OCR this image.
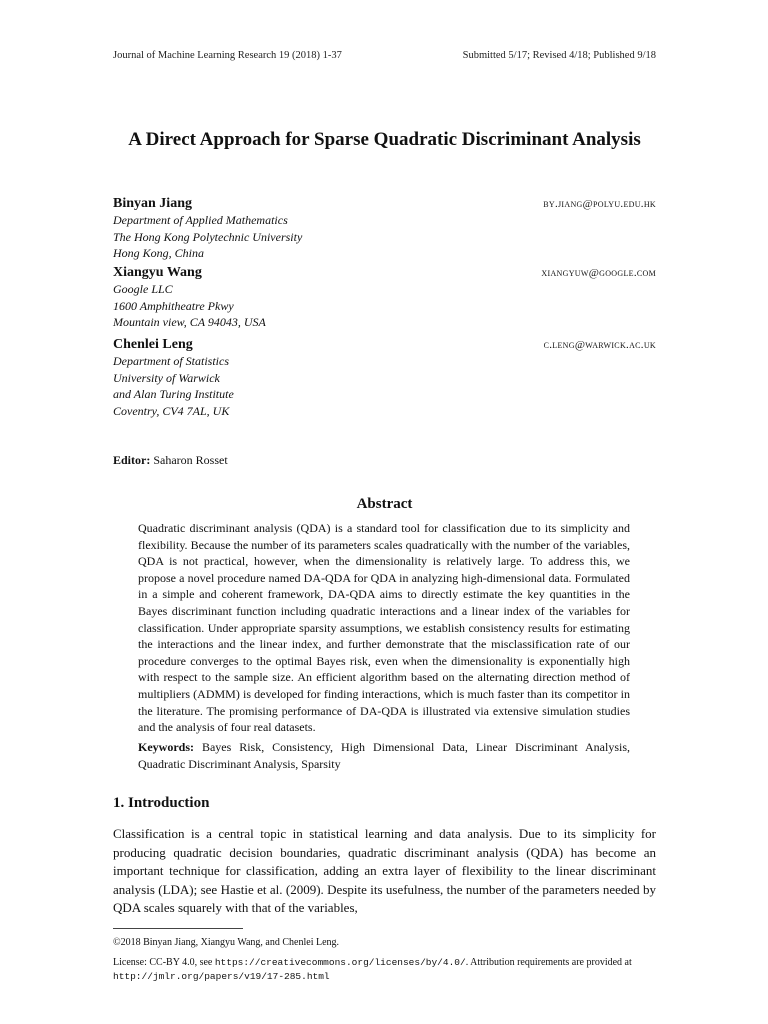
Journal of Machine Learning Research 19 (2018) 1-37	Submitted 5/17; Revised 4/18; Published 9/18
A Direct Approach for Sparse Quadratic Discriminant Analysis
Binyan Jiang	by.jiang@polyu.edu.hk
Department of Applied Mathematics
The Hong Kong Polytechnic University
Hong Kong, China
Xiangyu Wang	xiangyuw@google.com
Google LLC
1600 Amphitheatre Pkwy
Mountain view, CA 94043, USA
Chenlei Leng	c.leng@warwick.ac.uk
Department of Statistics
University of Warwick
and Alan Turing Institute
Coventry, CV4 7AL, UK
Editor: Saharon Rosset
Abstract
Quadratic discriminant analysis (QDA) is a standard tool for classification due to its simplicity and flexibility. Because the number of its parameters scales quadratically with the number of the variables, QDA is not practical, however, when the dimensionality is relatively large. To address this, we propose a novel procedure named DA-QDA for QDA in analyzing high-dimensional data. Formulated in a simple and coherent framework, DA-QDA aims to directly estimate the key quantities in the Bayes discriminant function including quadratic interactions and a linear index of the variables for classification. Under appropriate sparsity assumptions, we establish consistency results for estimating the interactions and the linear index, and further demonstrate that the misclassification rate of our procedure converges to the optimal Bayes risk, even when the dimensionality is exponentially high with respect to the sample size. An efficient algorithm based on the alternating direction method of multipliers (ADMM) is developed for finding interactions, which is much faster than its competitor in the literature. The promising performance of DA-QDA is illustrated via extensive simulation studies and the analysis of four real datasets.
Keywords: Bayes Risk, Consistency, High Dimensional Data, Linear Discriminant Analysis, Quadratic Discriminant Analysis, Sparsity
1. Introduction
Classification is a central topic in statistical learning and data analysis. Due to its simplicity for producing quadratic decision boundaries, quadratic discriminant analysis (QDA) has become an important technique for classification, adding an extra layer of flexibility to the linear discriminant analysis (LDA); see Hastie et al. (2009). Despite its usefulness, the number of the parameters needed by QDA scales squarely with that of the variables,
©2018 Binyan Jiang, Xiangyu Wang, and Chenlei Leng.
License: CC-BY 4.0, see https://creativecommons.org/licenses/by/4.0/. Attribution requirements are provided at http://jmlr.org/papers/v19/17-285.html
